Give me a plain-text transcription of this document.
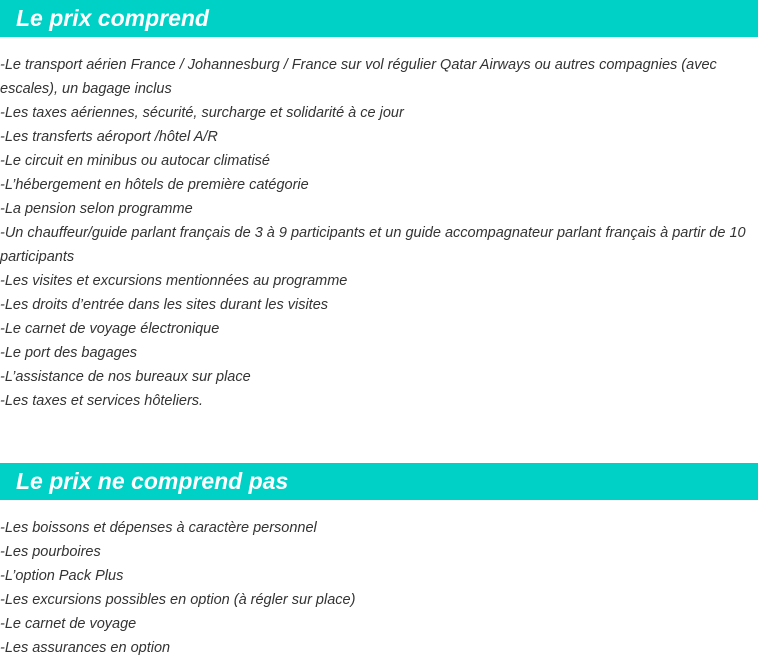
Le prix comprend
-Le transport aérien France / Johannesburg / France sur vol régulier Qatar Airways ou autres compagnies (avec escales), un bagage inclus
-Les taxes aériennes, sécurité, surcharge et solidarité à ce jour
-Les transferts aéroport /hôtel A/R
-Le circuit en minibus ou autocar climatisé
-L’hébergement en hôtels de première catégorie
-La pension selon programme
-Un chauffeur/guide parlant français de 3 à 9 participants et un guide accompagnateur parlant français à partir de 10 participants
-Les visites et excursions mentionnées au programme
-Les droits d’entrée dans les sites durant les visites
-Le carnet de voyage électronique
-Le port des bagages
-L’assistance de nos bureaux sur place
-Les taxes et services hôteliers.
Le prix ne comprend pas
-Les boissons et dépenses à caractère personnel
-Les pourboires
-L’option Pack Plus
-Les excursions possibles en option (à régler sur place)
-Le carnet de voyage
-Les assurances en option
